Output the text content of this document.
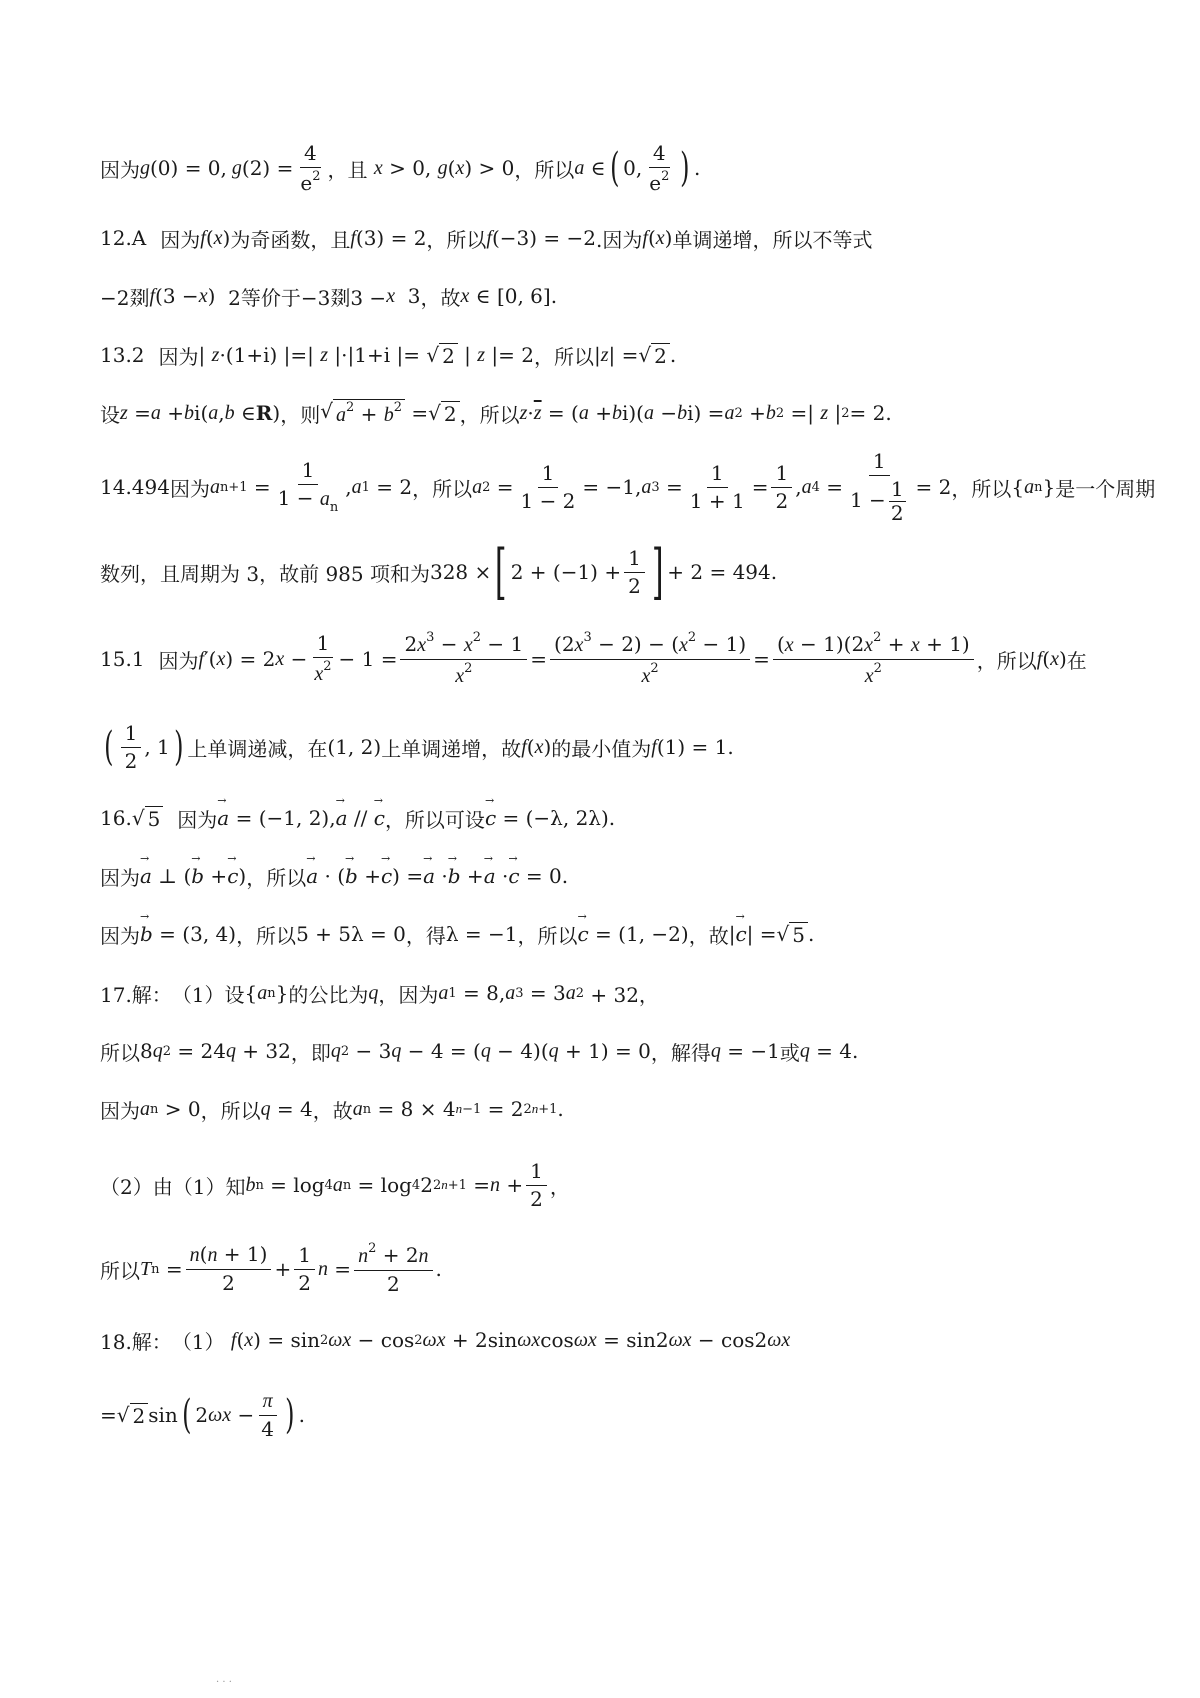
因为 g (0) = 0, g $(2) = \frac{4}{e^2}$ ，且
x > 0, g ( x ) > 0 ，所以 a ∈ ( 0, $\frac{4}{e^2}$ ) .
12.A 因为 f ( x ) 为奇函数，且 f (3) = 2 ，所以 f (−3) = −2 .因为 f ( x ) 单调递增，所以不等式
−2剟 f (3 − x ) 2等价于 −3剟3 − x 3 ，故 x ∈ [0, 6].
13.2 因为 | z ·(1+i) |=| z |·|1+i |= √ 2 | z |= 2 ，所以 | z | = √ 2 .
设 z = a + b i( a , b ∈ R ) ，则 √ $a^2 + b^2$ = √ 2 ，所以 $z \cdot \overline{z}$ = ( a + b i)( a − b i) = a 2 + b 2 =| z | 2 = 2.
14.494 因为 a $n+1 = \frac{1}{1 - a_n}$ , a 1 = 2 ，所以 a $2 = \frac{1}{1 - 2} = -1$, a $3 = \frac{1}{1 + 1} = \frac{1}{2}$ , a $4 = \frac{1}{1 - \frac{1}{2}} = 2$ ，所以 { a n } 是一个周期
数列，且周期为 3，故前 985 项和为 328 × [ $2 + (-1) + \frac{1}{2}$ ] + 2 = 494.
15.1 因为 f ′( x ) = 2 $x - \frac{1}{x^2} - 1 = \frac{2x^3 - x^2 - 1}{x^2} = \frac{(2x^3 - 2) - (x^2 - 1)}{x^2} = \frac{(x - 1)(2x^2 + x + 1)}{x^2}$ ，所以 f ( x ) 在
( $\frac{1}{2}$ , 1 ) 上单调递减，在 (1, 2) 上单调递增，故 f ( x ) 的最小值为 f (1) = 1.
16. √ 5 因为 → a = (−1, 2), → a // → c ，所以可设 → c = (−λ, 2λ).
因为 → a ⊥ ( → b + → c ) ，所以 → a · ( → b + → c ) = → a · → b + → a · → c = 0.
因为 → b = (3, 4) ，所以 5 + 5λ = 0 ，得 λ = −1 ，所以 → c = (1, −2) ，故 | → c | = √ 5 .
17.解： （1）设 { a n } 的公比为 q ，因为 a 1 = 8, a 3 = 3 a 2 + 32，
所以 8 q 2 = 24 q + 32 ，即 q 2 − 3 q − 4 = ( q − 4)( q + 1) = 0 ，解得 q = −1 或 q = 4.
因为 a n > 0 ，所以 q = 4 ，故 a n = 8 × 4 n−1 = 2 2n+1 .
（2）由（1）知 b n = log 4 a n = log 4 2 $2n+1 = n + \frac{1}{2}$ ，
所以 T $n = \frac{n(n + 1)}{2} + \frac{1}{2}$ $n = \frac{n^2 + 2n}{2}$ .
18.解： （1）
f ( x ) = sin 2 ωx − cos 2 ωx + 2sin ωx cos ωx = sin2 ωx − cos2 ωx
= √ 2 sin ( 2 $\omega x - \frac{\pi}{4}$ ) .
· · ·
